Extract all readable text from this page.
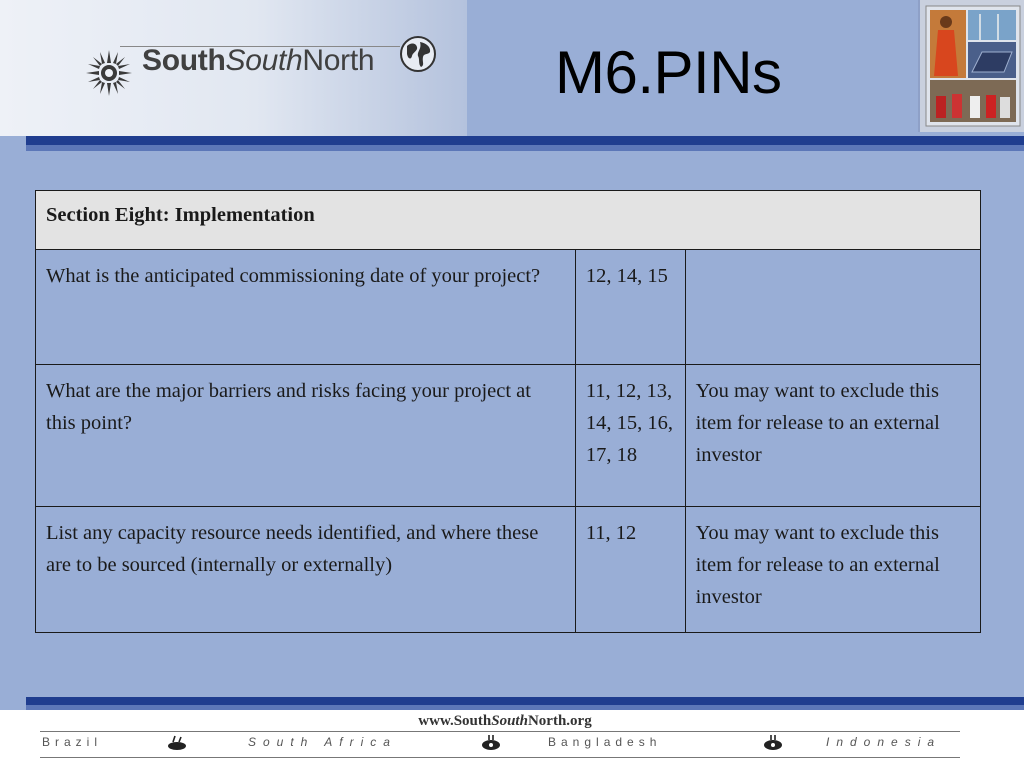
SouthSouthNorth	M6.PINs
Section Eight: Implementation		
What is the anticipated commissioning date of your project?	12, 14, 15	
What are the major barriers and risks facing your project at this point?	11, 12, 13, 14, 15, 16, 17, 18	You may want to exclude this item for release to an external investor
List any capacity resource needs identified, and where these are to be sourced (internally or externally)	11, 12	You may want to exclude this item for release to an external investor
www.SouthSouthNorth.org
Brazil	South Africa	Bangladesh	Indonesia
